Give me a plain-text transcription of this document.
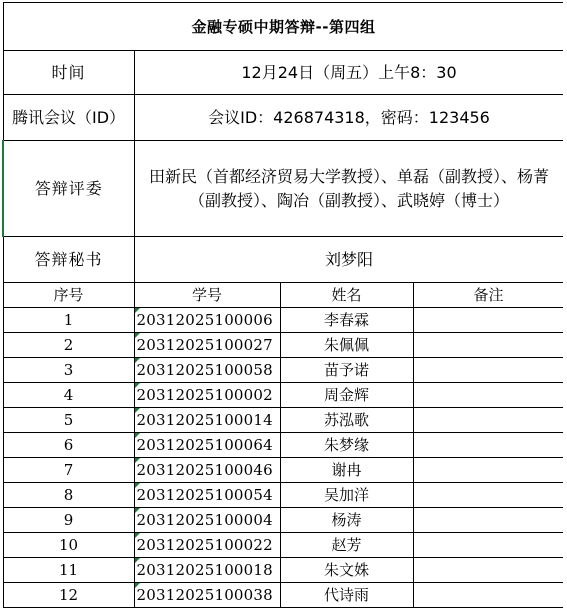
金融专硕中期答辩--第四组			
时间	12月24日（周五）上午8：30		
腾讯会议（ID）	会议ID：426874318，密码：123456		
答辩评委	田新民（首都经济贸易大学教授）、单磊（副教授）、杨菁（副教授）、陶冶（副教授）、武晓婷（博士）		
答辩秘书	刘梦阳		
序号	学号	姓名	备注
1	20312025100006	李春霖	
2	20312025100027	朱佩佩	
3	20312025100058	苗予诺	
4	20312025100002	周金辉	
5	20312025100014	苏泓歌	
6	20312025100064	朱梦缘	
7	20312025100046	谢冉	
8	20312025100054	吴加洋	
9	20312025100004	杨涛	
10	20312025100022	赵芳	
11	20312025100018	朱文姝	
12	20312025100038	代诗雨	
